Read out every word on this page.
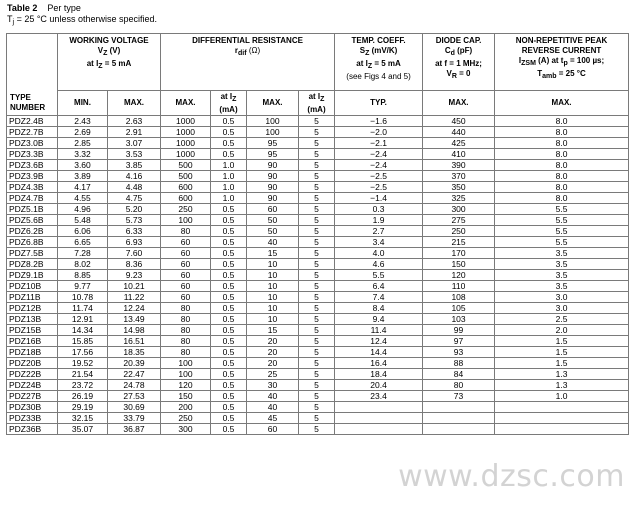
Table 2 Per type
$T_j = 25$ °C unless otherwise specified.
TYPE
NUMBER	WORKING VOLTAGE
$V_Z$ (V)
at $I_Z = 5$ mA		DIFFERENTIAL RESISTANCE
$r_{dif}$ (Ω)				TEMP. COEFF.
$S_Z$ (mV/K)
at $I_Z = 5$ mA
(see Figs 4 and 5)	DIODE CAP.
$C_d$ (pF)
at f = 1 MHz;
$V_R = 0$	NON-REPETITIVE PEAK
REVERSE CURRENT
$I_{ZSM}$ (A) at $t_p = 100$ µs;
$T_{amb} = 25$ °C

	MIN.	MAX.	MAX.	at $I_Z$
(mA)	MAX.	at $I_Z$
(mA)	TYP.	MAX.	MAX.
PDZ2.4B	2.43	2.63	1000	0.5	100	5	−1.6	450	8.0
PDZ2.7B	2.69	2.91	1000	0.5	100	5	−2.0	440	8.0
PDZ3.0B	2.85	3.07	1000	0.5	95	5	−2.1	425	8.0
PDZ3.3B	3.32	3.53	1000	0.5	95	5	−2.4	410	8.0
PDZ3.6B	3.60	3.85	500	1.0	90	5	−2.4	390	8.0
PDZ3.9B	3.89	4.16	500	1.0	90	5	−2.5	370	8.0
PDZ4.3B	4.17	4.48	600	1.0	90	5	−2.5	350	8.0
PDZ4.7B	4.55	4.75	600	1.0	90	5	−1.4	325	8.0
PDZ5.1B	4.96	5.20	250	0.5	60	5	0.3	300	5.5
PDZ5.6B	5.48	5.73	100	0.5	50	5	1.9	275	5.5
PDZ6.2B	6.06	6.33	80	0.5	50	5	2.7	250	5.5
PDZ6.8B	6.65	6.93	60	0.5	40	5	3.4	215	5.5
PDZ7.5B	7.28	7.60	60	0.5	15	5	4.0	170	3.5
PDZ8.2B	8.02	8.36	60	0.5	10	5	4.6	150	3.5
PDZ9.1B	8.85	9.23	60	0.5	10	5	5.5	120	3.5
PDZ10B	9.77	10.21	60	0.5	10	5	6.4	110	3.5
PDZ11B	10.78	11.22	60	0.5	10	5	7.4	108	3.0
PDZ12B	11.74	12.24	80	0.5	10	5	8.4	105	3.0
PDZ13B	12.91	13.49	80	0.5	10	5	9.4	103	2.5
PDZ15B	14.34	14.98	80	0.5	15	5	11.4	99	2.0
PDZ16B	15.85	16.51	80	0.5	20	5	12.4	97	1.5
PDZ18B	17.56	18.35	80	0.5	20	5	14.4	93	1.5
PDZ20B	19.52	20.39	100	0.5	20	5	16.4	88	1.5
PDZ22B	21.54	22.47	100	0.5	25	5	18.4	84	1.3
PDZ24B	23.72	24.78	120	0.5	30	5	20.4	80	1.3
PDZ27B	26.19	27.53	150	0.5	40	5	23.4	73	1.0
PDZ30B	29.19	30.69	200	0.5	40	5			
PDZ33B	32.15	33.79	250	0.5	45	5			
PDZ36B	35.07	36.87	300	0.5	60	5			
www.dzsc.com
